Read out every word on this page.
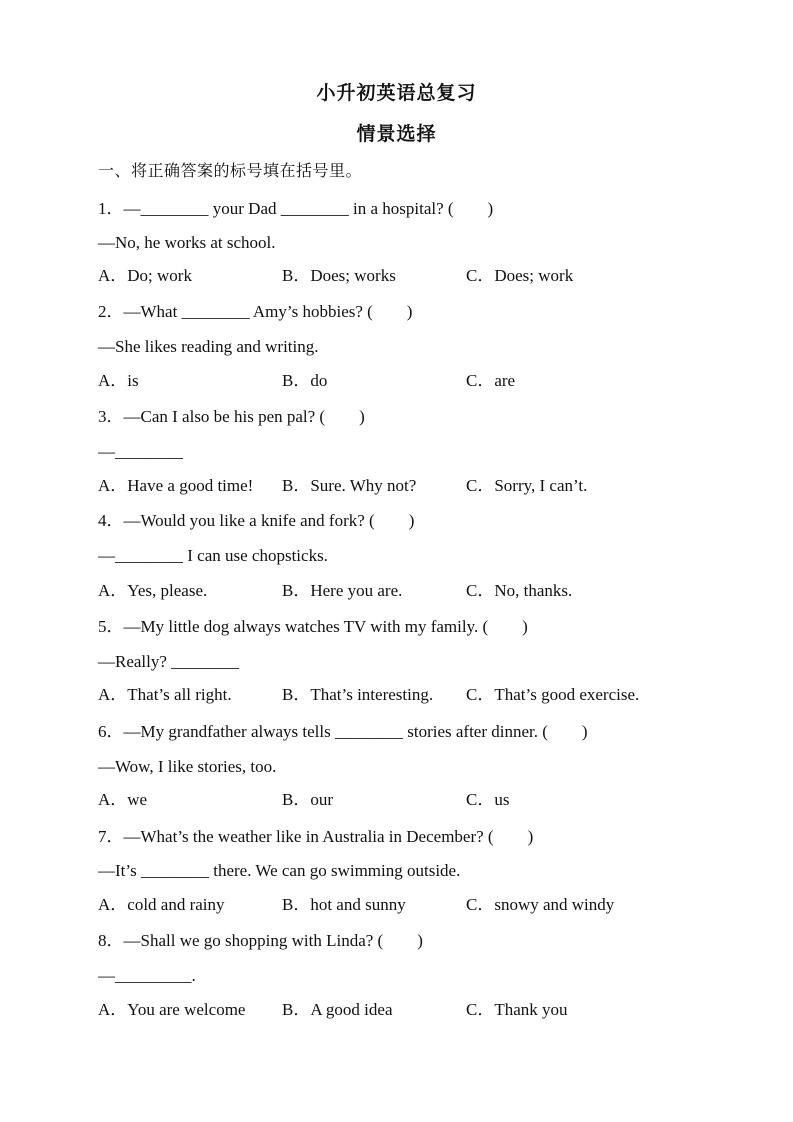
小升初英语总复习
情景选择
一、将正确答案的标号填在括号里。
1．—________ your Dad ________ in a hospital? (　　)
—No, he works at school.
A．Do; work	B．Does; works	C．Does; work
2．—What ________ Amy’s hobbies? (　　)
—She likes reading and writing.
A．is	B．do	C．are
3．—Can I also be his pen pal? (　　)
—________
A．Have a good time! B．Sure. Why not?	C．Sorry, I can’t.
4．—Would you like a knife and fork? (　　)
—________ I can use chopsticks.
A．Yes, please.	B．Here you are.	C．No, thanks.
5．—My little dog always watches TV with my family. (　　)
—Really? ________
A．That’s all right.	B．That’s interesting. C．That’s good exercise.
6．—My grandfather always tells ________ stories after dinner. (　　)
—Wow, I like stories, too.
A．we	B．our	C．us
7．—What’s the weather like in Australia in December? (　　)
—It’s ________ there. We can go swimming outside.
A．cold and rainy	B．hot and sunny	C．snowy and windy
8．—Shall we go shopping with Linda? (　　)
—_________.
A．You are welcome B．A good idea	C．Thank you
